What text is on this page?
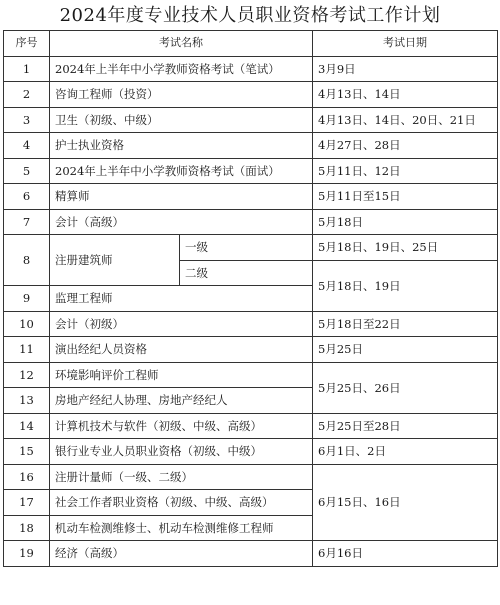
2024年度专业技术人员职业资格考试工作计划
序号	考试名称		考试日期
1	2024年上半年中小学教师资格考试（笔试）		3月9日
2	咨询工程师（投资）		4月13日、14日
3	卫生（初级、中级）		4月13日、14日、20日、21日
4	护士执业资格		4月27日、28日
5	2024年上半年中小学教师资格考试（面试）		5月11日、12日
6	精算师		5月11日至15日
7	会计（高级）		5月18日
8	注册建筑师	一级	5月18日、19日、25日
		二级	5月18日、19日
9	监理工程师		
10	会计（初级）		5月18日至22日
11	演出经纪人员资格		5月25日
12	环境影响评价工程师		5月25日、26日
13	房地产经纪人协理、房地产经纪人		
14	计算机技术与软件（初级、中级、高级）		5月25日至28日
15	银行业专业人员职业资格（初级、中级）		6月1日、2日
16	注册计量师（一级、二级）		6月15日、16日
17	社会工作者职业资格（初级、中级、高级）		
18	机动车检测维修士、机动车检测维修工程师		
19	经济（高级）		6月16日
